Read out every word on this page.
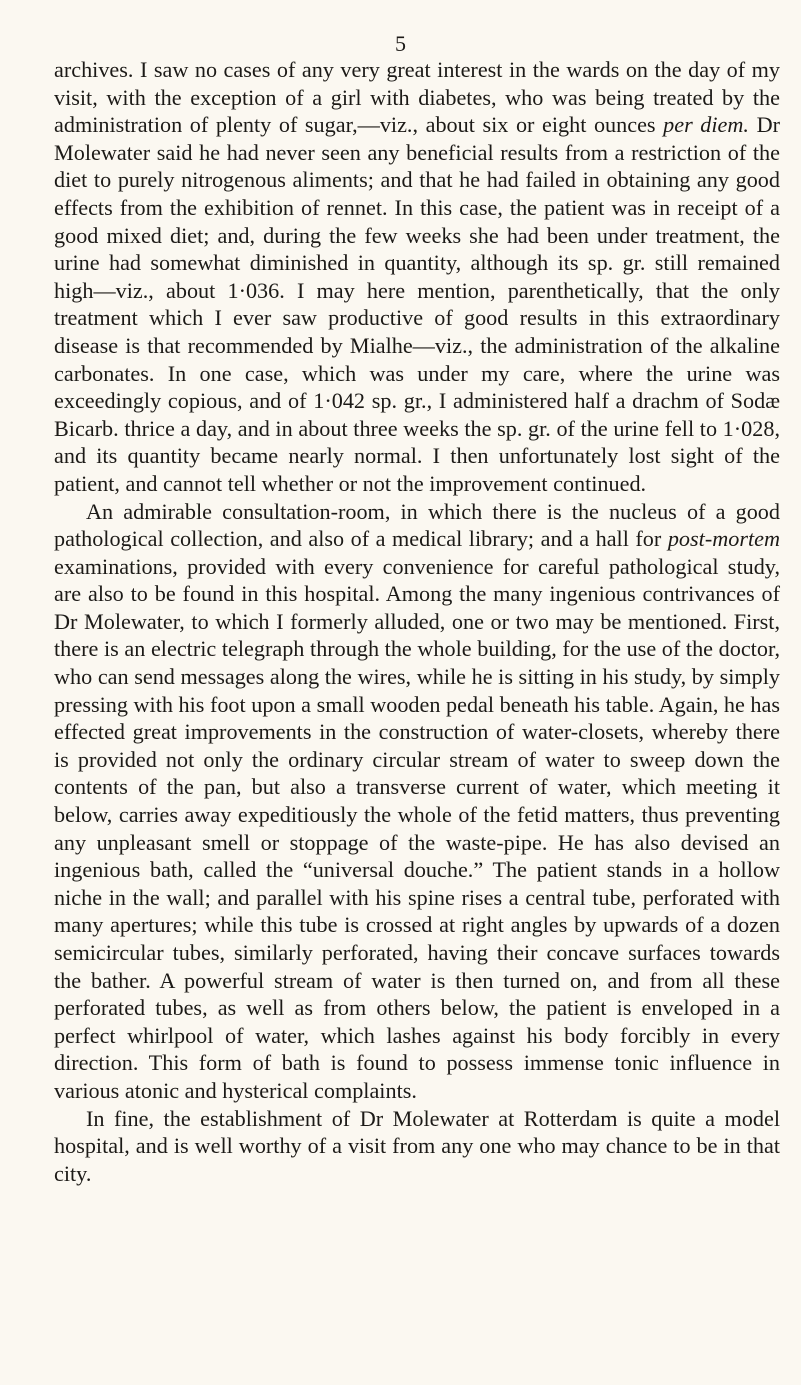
5

archives. I saw no cases of any very great interest in the wards on the day of my visit, with the exception of a girl with diabetes, who was being treated by the administration of plenty of sugar,—viz., about six or eight ounces per diem. Dr Molewater said he had never seen any beneficial results from a restriction of the diet to purely nitrogenous aliments; and that he had failed in obtaining any good effects from the exhibition of rennet. In this case, the patient was in receipt of a good mixed diet; and, during the few weeks she had been under treatment, the urine had somewhat diminished in quantity, although its sp. gr. still remained high—viz., about 1·036. I may here mention, parenthetically, that the only treatment which I ever saw productive of good results in this extraordinary disease is that recommended by Mialhe—viz., the administration of the alkaline carbonates. In one case, which was under my care, where the urine was exceedingly copious, and of 1·042 sp. gr., I administered half a drachm of Sodæ Bicarb. thrice a day, and in about three weeks the sp. gr. of the urine fell to 1·028, and its quantity became nearly normal. I then unfortunately lost sight of the patient, and cannot tell whether or not the improvement continued.

An admirable consultation-room, in which there is the nucleus of a good pathological collection, and also of a medical library; and a hall for post-mortem examinations, provided with every convenience for careful pathological study, are also to be found in this hospital. Among the many ingenious contrivances of Dr Molewater, to which I formerly alluded, one or two may be mentioned. First, there is an electric telegraph through the whole building, for the use of the doctor, who can send messages along the wires, while he is sitting in his study, by simply pressing with his foot upon a small wooden pedal beneath his table. Again, he has effected great improvements in the construction of water-closets, whereby there is provided not only the ordinary circular stream of water to sweep down the contents of the pan, but also a transverse current of water, which meeting it below, carries away expeditiously the whole of the fetid matters, thus preventing any unpleasant smell or stoppage of the waste-pipe. He has also devised an ingenious bath, called the “universal douche.” The patient stands in a hollow niche in the wall; and parallel with his spine rises a central tube, perforated with many apertures; while this tube is crossed at right angles by upwards of a dozen semicircular tubes, similarly perforated, having their concave surfaces towards the bather. A powerful stream of water is then turned on, and from all these perforated tubes, as well as from others below, the patient is enveloped in a perfect whirlpool of water, which lashes against his body forcibly in every direction. This form of bath is found to possess immense tonic influence in various atonic and hysterical complaints.

In fine, the establishment of Dr Molewater at Rotterdam is quite a model hospital, and is well worthy of a visit from any one who may chance to be in that city.
